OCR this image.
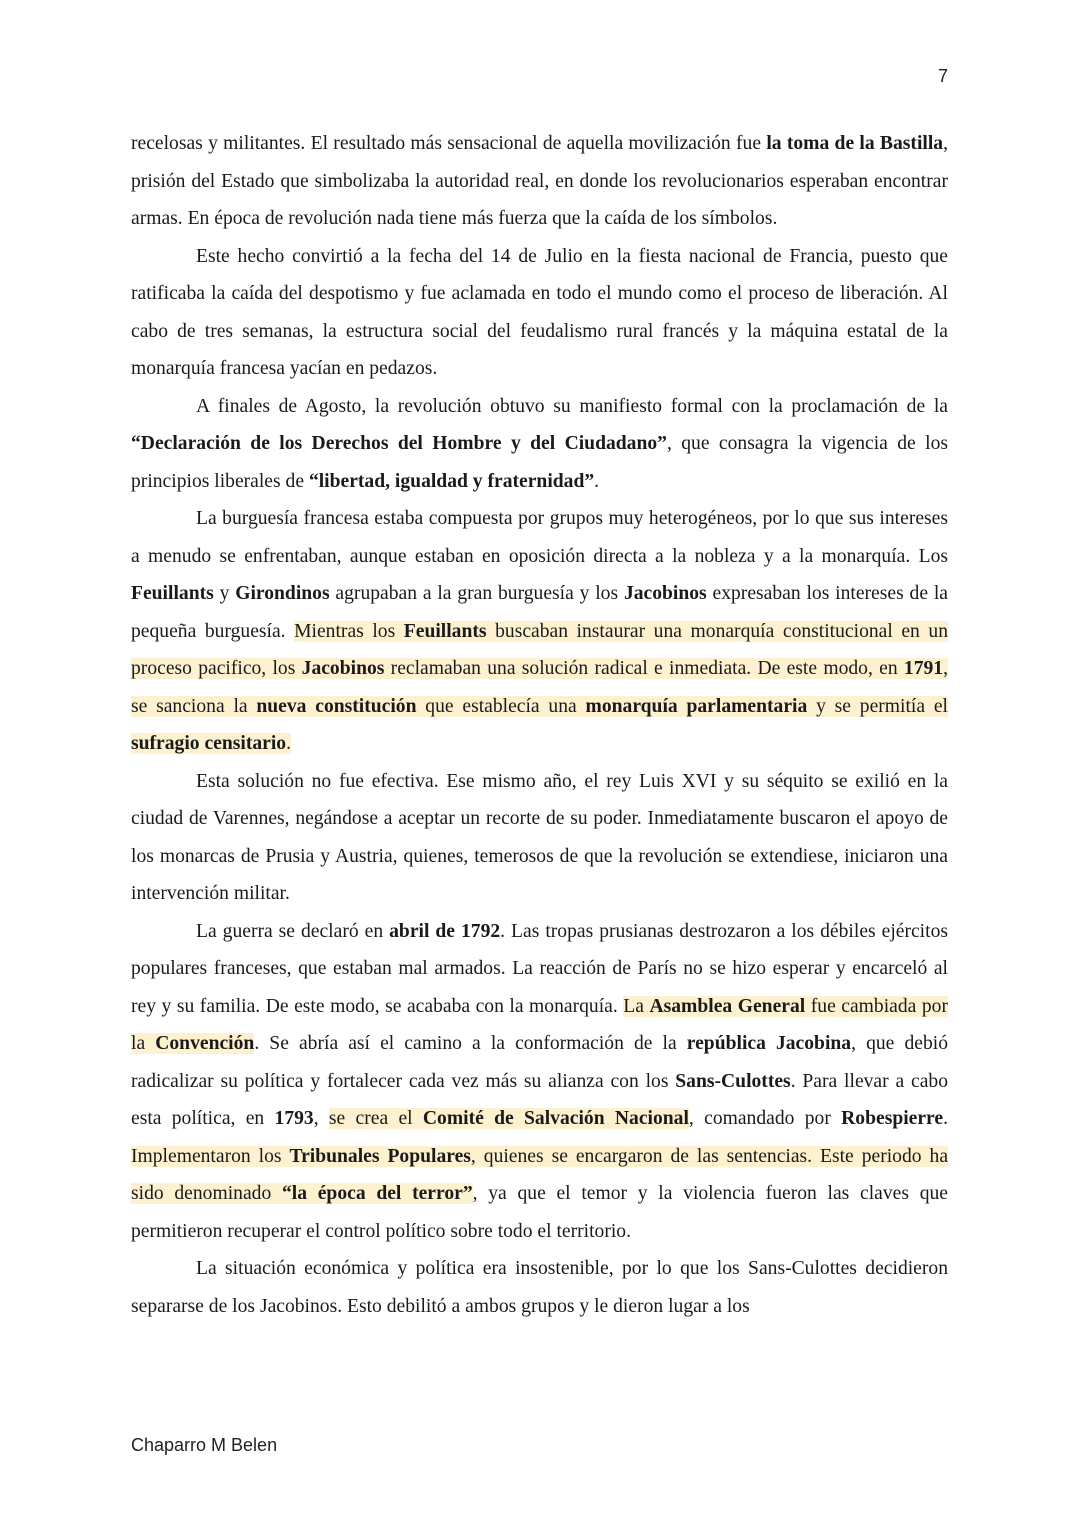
7

recelosas y militantes. El resultado más sensacional de aquella movilización fue la toma de la Bastilla, prisión del Estado que simbolizaba la autoridad real, en donde los revolucionarios esperaban encontrar armas. En época de revolución nada tiene más fuerza que la caída de los símbolos.

Este hecho convirtió a la fecha del 14 de Julio en la fiesta nacional de Francia, puesto que ratificaba la caída del despotismo y fue aclamada en todo el mundo como el proceso de liberación. Al cabo de tres semanas, la estructura social del feudalismo rural francés y la máquina estatal de la monarquía francesa yacían en pedazos.

A finales de Agosto, la revolución obtuvo su manifiesto formal con la proclamación de la “Declaración de los Derechos del Hombre y del Ciudadano”, que consagra la vigencia de los principios liberales de “libertad, igualdad y fraternidad”.

La burguesía francesa estaba compuesta por grupos muy heterogéneos, por lo que sus intereses a menudo se enfrentaban, aunque estaban en oposición directa a la nobleza y a la monarquía. Los Feuillants y Girondinos agrupaban a la gran burguesía y los Jacobinos expresaban los intereses de la pequeña burguesía. Mientras los Feuillants buscaban instaurar una monarquía constitucional en un proceso pacifico, los Jacobinos reclamaban una solución radical e inmediata. De este modo, en 1791, se sanciona la nueva constitución que establecía una monarquía parlamentaria y se permitía el sufragio censitario.

Esta solución no fue efectiva. Ese mismo año, el rey Luis XVI y su séquito se exilió en la ciudad de Varennes, negándose a aceptar un recorte de su poder. Inmediatamente buscaron el apoyo de los monarcas de Prusia y Austria, quienes, temerosos de que la revolución se extendiese, iniciaron una intervención militar.

La guerra se declaró en abril de 1792. Las tropas prusianas destrozaron a los débiles ejércitos populares franceses, que estaban mal armados. La reacción de París no se hizo esperar y encarceló al rey y su familia. De este modo, se acababa con la monarquía. La Asamblea General fue cambiada por la Convención. Se abría así el camino a la conformación de la república Jacobina, que debió radicalizar su política y fortalecer cada vez más su alianza con los Sans-Culottes. Para llevar a cabo esta política, en 1793, se crea el Comité de Salvación Nacional, comandado por Robespierre. Implementaron los Tribunales Populares, quienes se encargaron de las sentencias. Este periodo ha sido denominado “la época del terror”, ya que el temor y la violencia fueron las claves que permitieron recuperar el control político sobre todo el territorio.

La situación económica y política era insostenible, por lo que los Sans-Culottes decidieron separarse de los Jacobinos. Esto debilitó a ambos grupos y le dieron lugar a los

Chaparro M Belen
